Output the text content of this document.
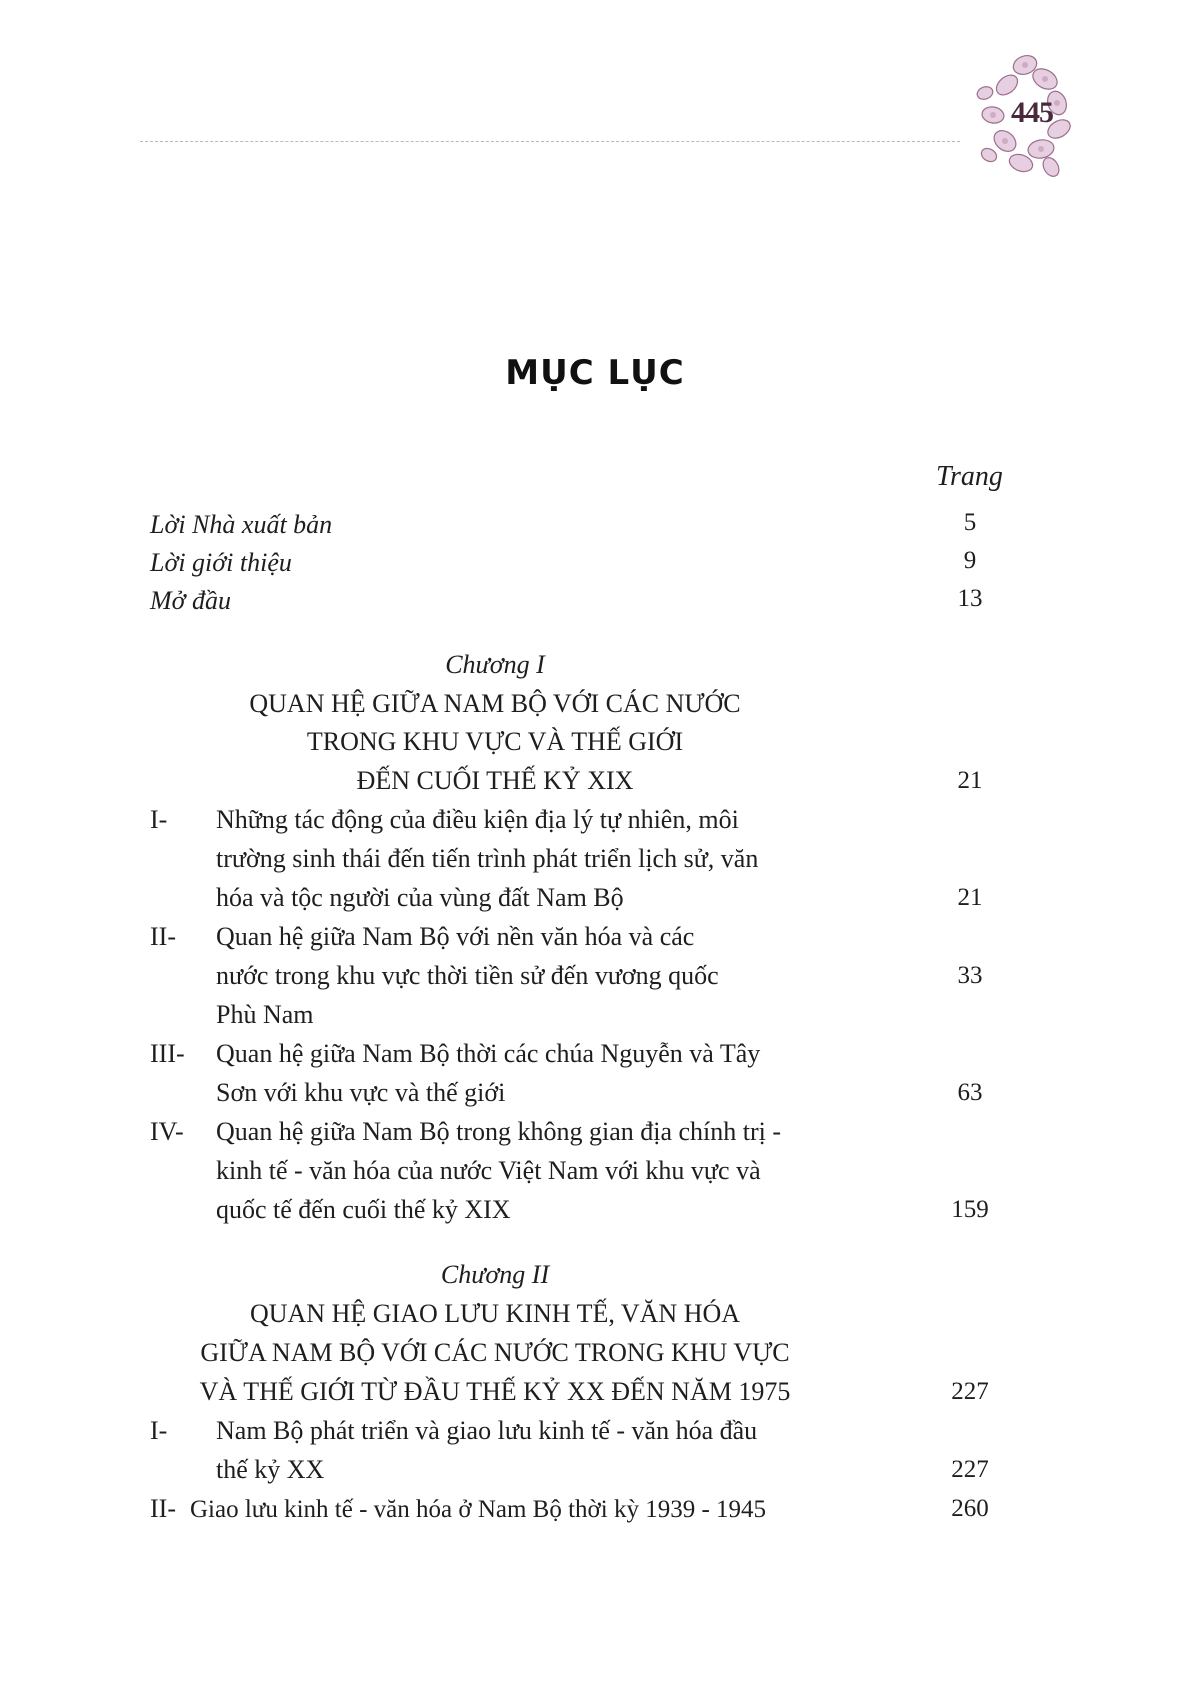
445
MỤC LỤC
Trang
Lời Nhà xuất bản	5
Lời giới thiệu	9
Mở đầu	13
Chương I
QUAN HỆ GIỮA NAM BỘ VỚI CÁC NƯỚC
TRONG KHU VỰC VÀ THẾ GIỚI
ĐẾN CUỐI THẾ KỶ XIX	21
I- Những tác động của điều kiện địa lý tự nhiên, môi
trường sinh thái đến tiến trình phát triển lịch sử, văn
hóa và tộc người của vùng đất Nam Bộ	21
II- Quan hệ giữa Nam Bộ với nền văn hóa và các
nước trong khu vực thời tiền sử đến vương quốc	33
Phù Nam
III- Quan hệ giữa Nam Bộ thời các chúa Nguyễn và Tây
Sơn với khu vực và thế giới	63
IV- Quan hệ giữa Nam Bộ trong không gian địa chính trị -
kinh tế - văn hóa của nước Việt Nam với khu vực và
quốc tế đến cuối thế kỷ XIX	159
Chương II
QUAN HỆ GIAO LƯU KINH TẾ, VĂN HÓA
GIỮA NAM BỘ VỚI CÁC NƯỚC TRONG KHU VỰC
VÀ THẾ GIỚI TỪ ĐẦU THẾ KỶ XX ĐẾN NĂM 1975	227
I- Nam Bộ phát triển và giao lưu kinh tế - văn hóa đầu
thế kỷ XX	227
II- Giao lưu kinh tế - văn hóa ở Nam Bộ thời kỳ 1939 - 1945	260
